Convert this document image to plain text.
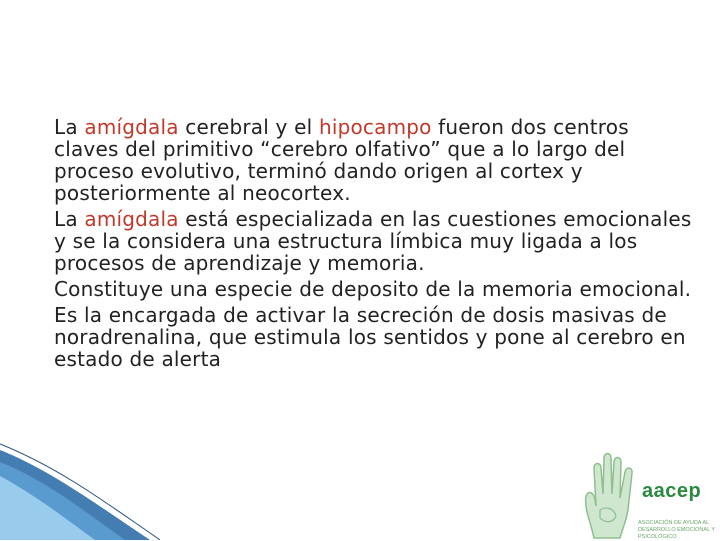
La amígdala cerebral y el hipocampo fueron dos centros claves del primitivo “cerebro olfativo” que a lo largo del proceso evolutivo, terminó dando origen al cortex y posteriormente al neocortex.

La amígdala está especializada en las cuestiones emocionales y se la considera una estructura límbica muy ligada a los procesos de aprendizaje y memoria.

Constituye una especie de deposito de la memoria emocional.

Es la encargada de activar la secreción de dosis masivas de noradrenalina, que estimula los sentidos y pone al cerebro en estado de alerta

aacep
ASOCIACIÓN DE AYUDA AL DESARROLLO EMOCIONAL Y PSICOLÓGICO
